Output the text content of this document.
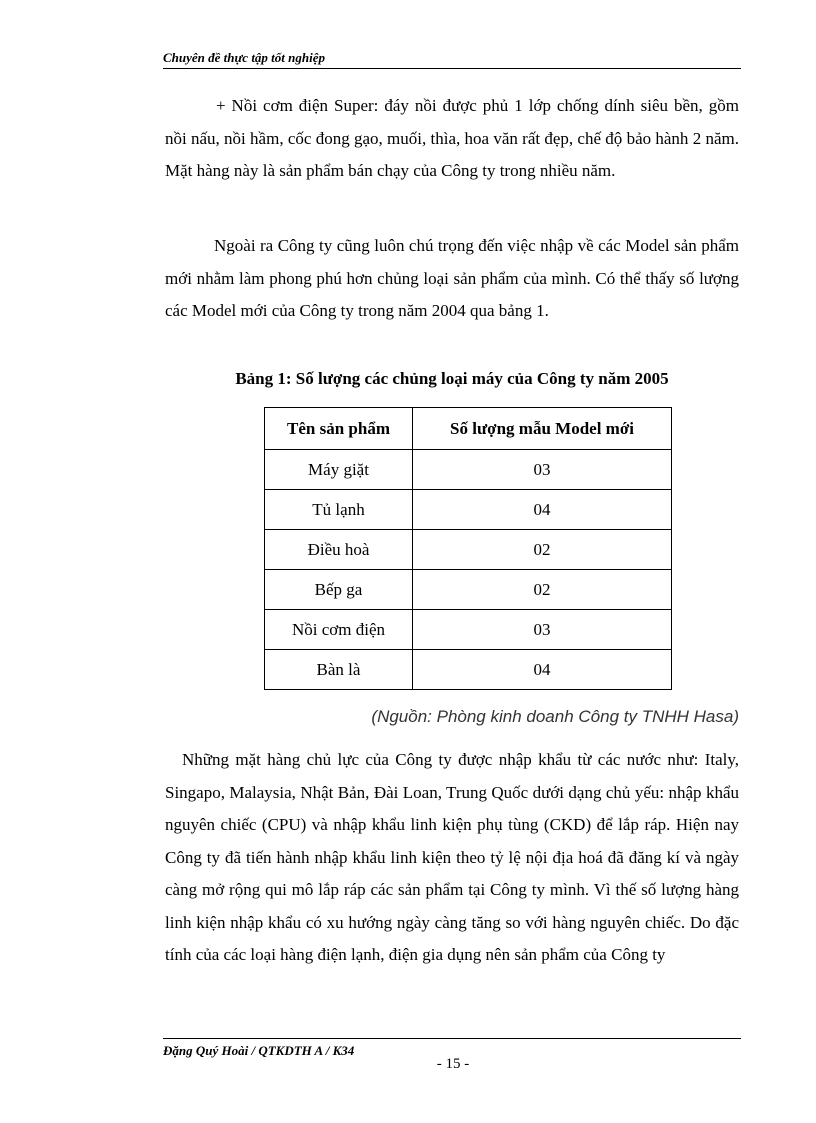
Chuyên đề thực tập tốt nghiệp

+ Nồi cơm điện Super: đáy nồi được phủ 1 lớp chống dính siêu bền, gồm nồi nấu, nồi hầm, cốc đong gạo, muối, thìa, hoa văn rất đẹp, chế độ bảo hành 2 năm. Mặt hàng này là sản phẩm bán chạy của Công ty trong nhiều năm.

Ngoài ra Công ty cũng luôn chú trọng đến việc nhập về các Model sản phẩm mới nhằm làm phong phú hơn chủng loại sản phẩm của mình. Có thể thấy số lượng các Model mới của Công ty trong năm 2004 qua bảng 1.

Bảng 1: Số lượng các chủng loại máy của Công ty năm 2005
Tên sản phẩm	Số lượng mẫu Model mới
Máy giặt	03
Tủ lạnh	04
Điều hoà	02
Bếp ga	02
Nồi cơm điện	03
Bàn là	04
(Nguồn: Phòng kinh doanh Công ty TNHH Hasa)

Những mặt hàng chủ lực của Công ty được nhập khẩu từ các nước như: Italy, Singapo, Malaysia, Nhật Bản, Đài Loan, Trung Quốc dưới dạng chủ yếu: nhập khẩu nguyên chiếc (CPU) và nhập khẩu linh kiện phụ tùng (CKD) để lắp ráp. Hiện nay Công ty đã tiến hành nhập khẩu linh kiện theo tỷ lệ nội địa hoá đã đăng kí và ngày càng mở rộng qui mô lắp ráp các sản phẩm tại Công ty mình. Vì thế số lượng hàng linh kiện nhập khẩu có xu hướng ngày càng tăng so với hàng nguyên chiếc. Do đặc tính của các loại hàng điện lạnh, điện gia dụng nên sản phẩm của Công ty

Đặng Quý Hoài / QTKDTH A / K34
- 15 -
